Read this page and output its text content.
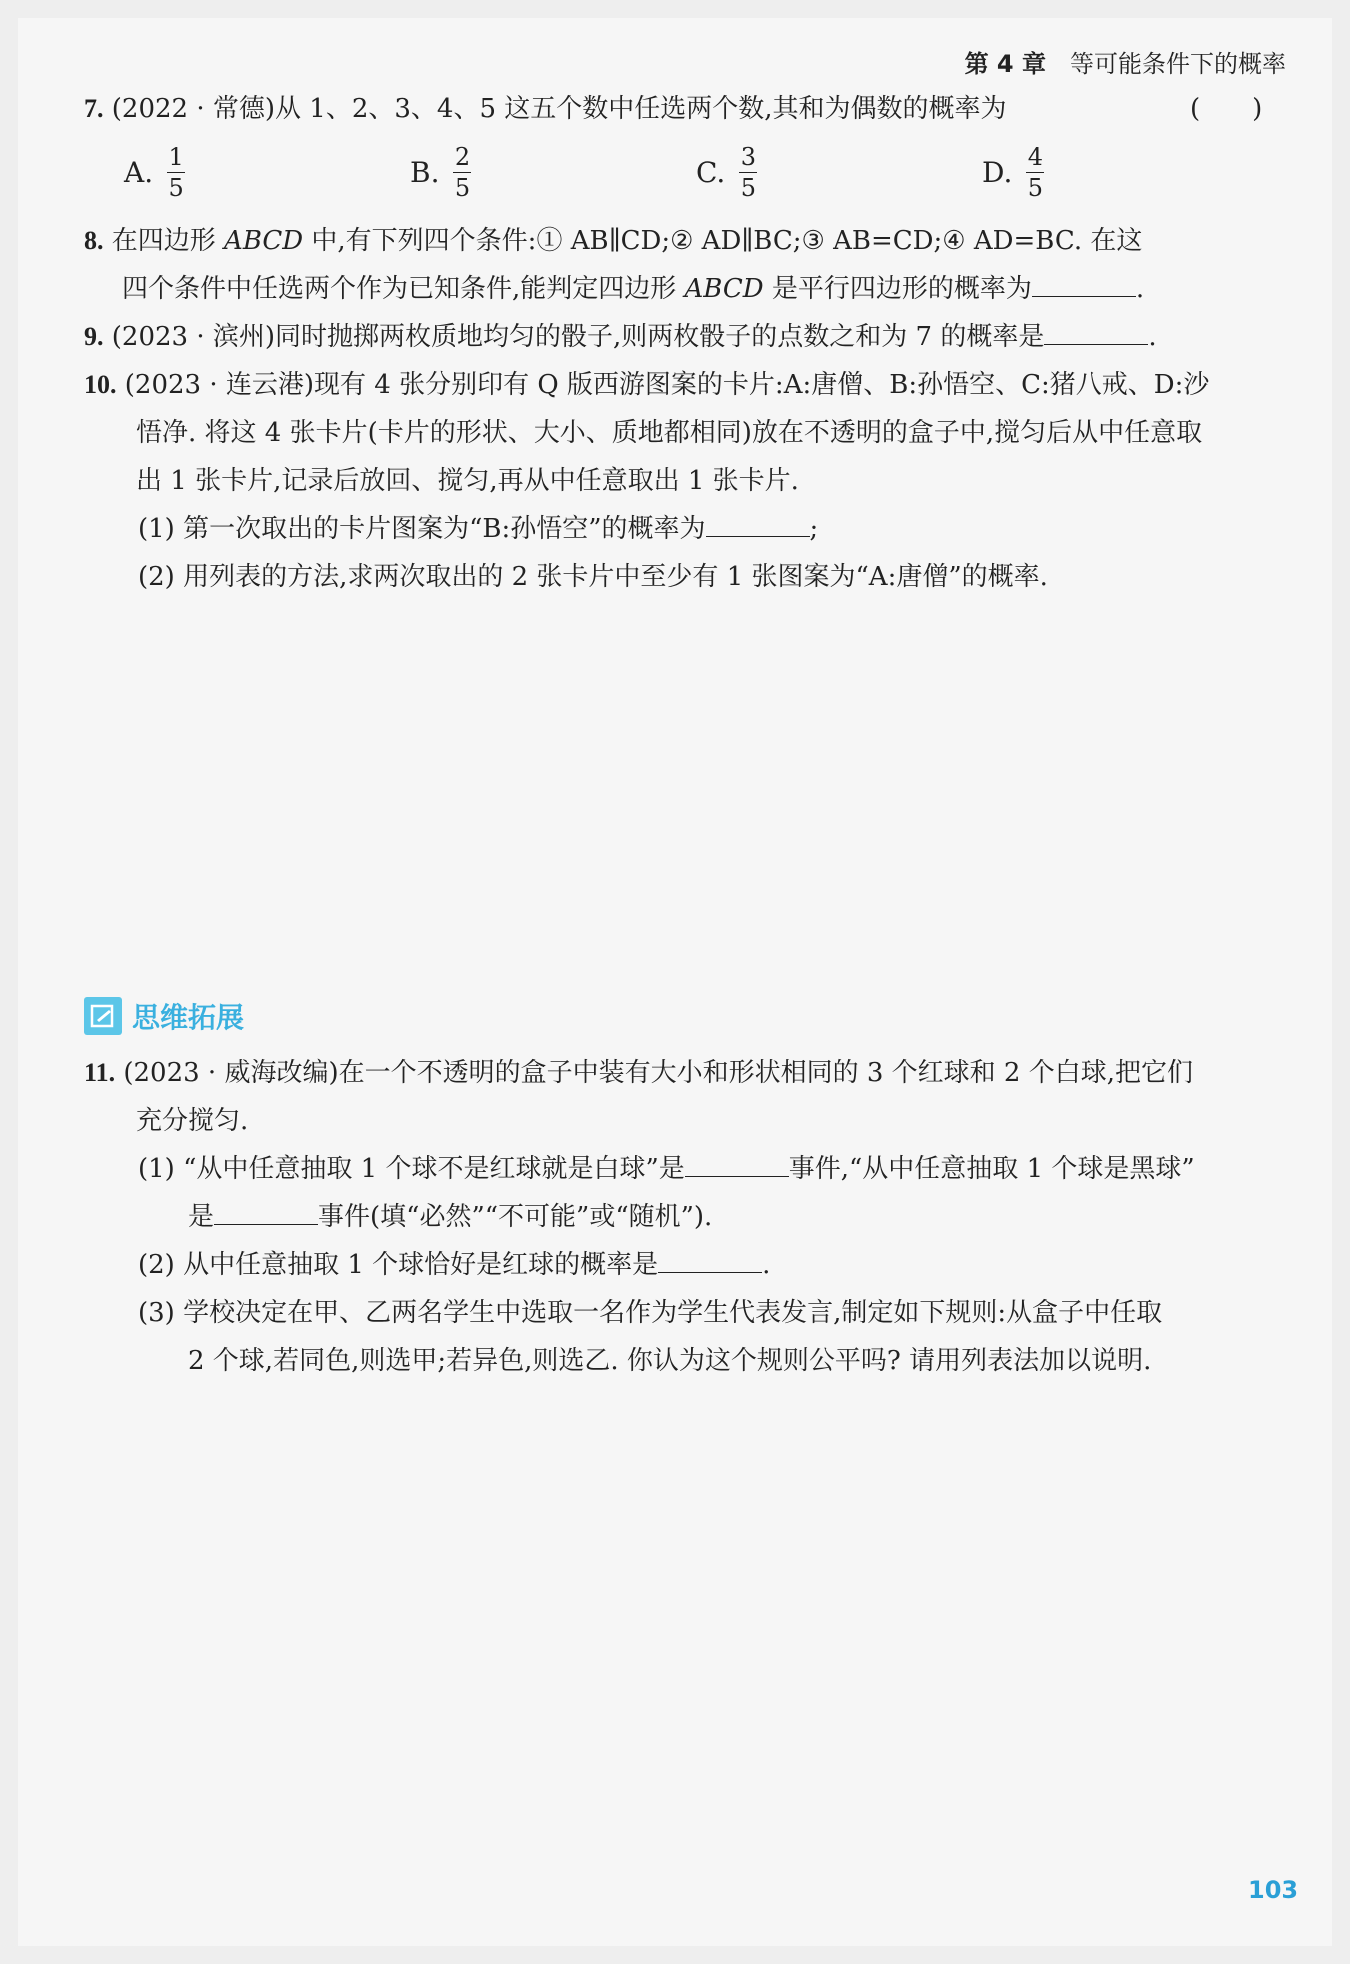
第 4 章 等可能条件下的概率
7. (2022 · 常德)从 1、2、3、4、5 这五个数中任选两个数,其和为偶数的概率为	(　　)
A. $\frac{1}{5}$	B. $\frac{2}{5}$	C. $\frac{3}{5}$	D. $\frac{4}{5}$
8. 在四边形 ABCD 中,有下列四个条件:① AB∥CD;② AD∥BC;③ AB=CD;④ AD=BC. 在这
四个条件中任选两个作为已知条件,能判定四边形 ABCD 是平行四边形的概率为	.
9. (2023 · 滨州)同时抛掷两枚质地均匀的骰子,则两枚骰子的点数之和为 7 的概率是	.
10. (2023 · 连云港)现有 4 张分别印有 Q 版西游图案的卡片:A:唐僧、B:孙悟空、C:猪八戒、D:沙
悟净. 将这 4 张卡片(卡片的形状、大小、质地都相同)放在不透明的盒子中,搅匀后从中任意取
出 1 张卡片,记录后放回、搅匀,再从中任意取出 1 张卡片.
(1) 第一次取出的卡片图案为“B:孙悟空”的概率为	;
(2) 用列表的方法,求两次取出的 2 张卡片中至少有 1 张图案为“A:唐僧”的概率.
思维拓展
11. (2023 · 威海改编)在一个不透明的盒子中装有大小和形状相同的 3 个红球和 2 个白球,把它们
充分搅匀.
(1) “从中任意抽取 1 个球不是红球就是白球”是	事件,“从中任意抽取 1 个球是黑球”
是	事件(填“必然”“不可能”或“随机”).
(2) 从中任意抽取 1 个球恰好是红球的概率是	.
(3) 学校决定在甲、乙两名学生中选取一名作为学生代表发言,制定如下规则:从盒子中任取
2 个球,若同色,则选甲;若异色,则选乙. 你认为这个规则公平吗? 请用列表法加以说明.
103
